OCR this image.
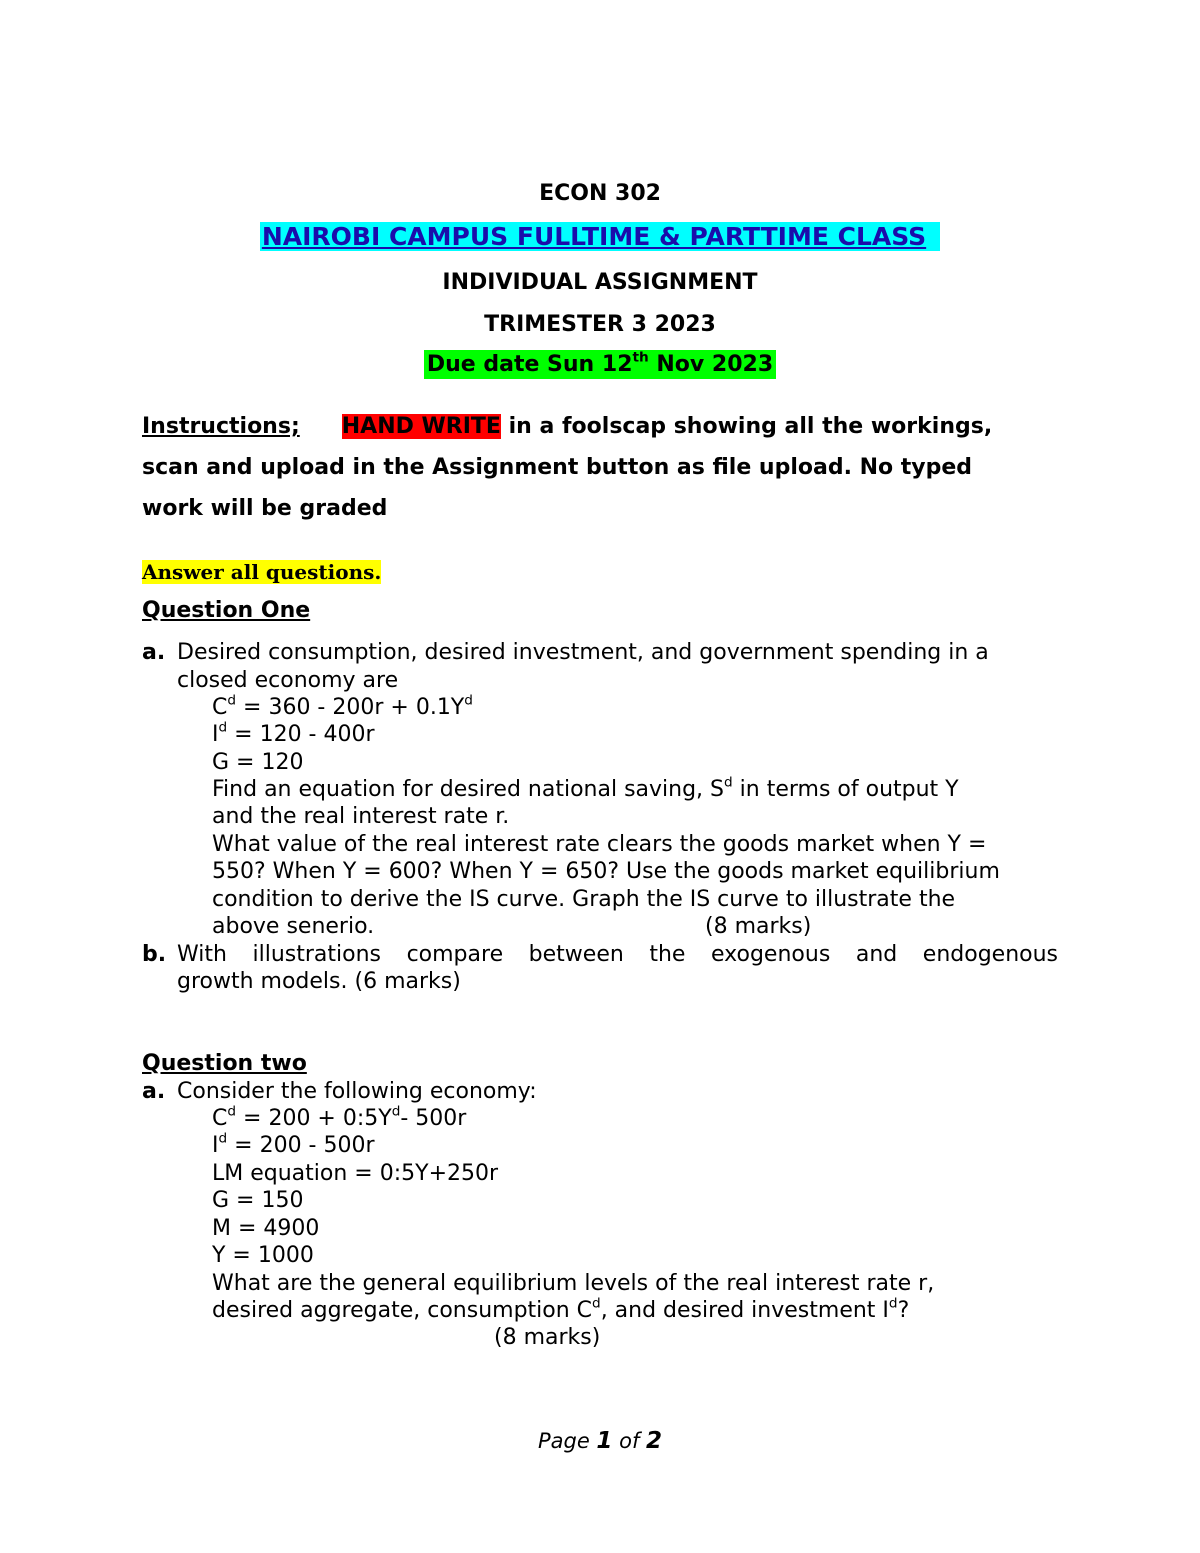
ECON 302
NAIROBI CAMPUS FULLTIME & PARTTIME CLASS
INDIVIDUAL ASSIGNMENT
TRIMESTER 3 2023
Due date Sun 12th Nov 2023
Instructions; HAND WRITE in a foolscap showing all the workings,
scan and upload in the Assignment button as file upload. No typed
work will be graded
Answer all questions.
Question One
a. Desired consumption, desired investment, and government spending in a
closed economy are
$C^d = 360 - 200r + 0.1Y^d$
$I^d = 120 - 400r$
G = 120
Find an equation for desired national saving, $S^d$ in terms of output Y
and the real interest rate r.
What value of the real interest rate clears the goods market when Y =
550? When Y = 600? When Y = 650? Use the goods market equilibrium
condition to derive the IS curve. Graph the IS curve to illustrate the
above senerio.	(8 marks)
b. With illustrations compare between the exogenous and endogenous
growth models. (6 marks)
Question two
a. Consider the following economy:
$C^d = 200$ + $0:5Y^d-$ 500r
$I^d = 200 - 500r$
LM equation = 0:5Y+250r
G = 150
M = 4900
Y = 1000
What are the general equilibrium levels of the real interest rate r,
desired aggregate, consumption $C^d$, and desired investment $I^d$?
(8 marks)
Page 1 of 2
